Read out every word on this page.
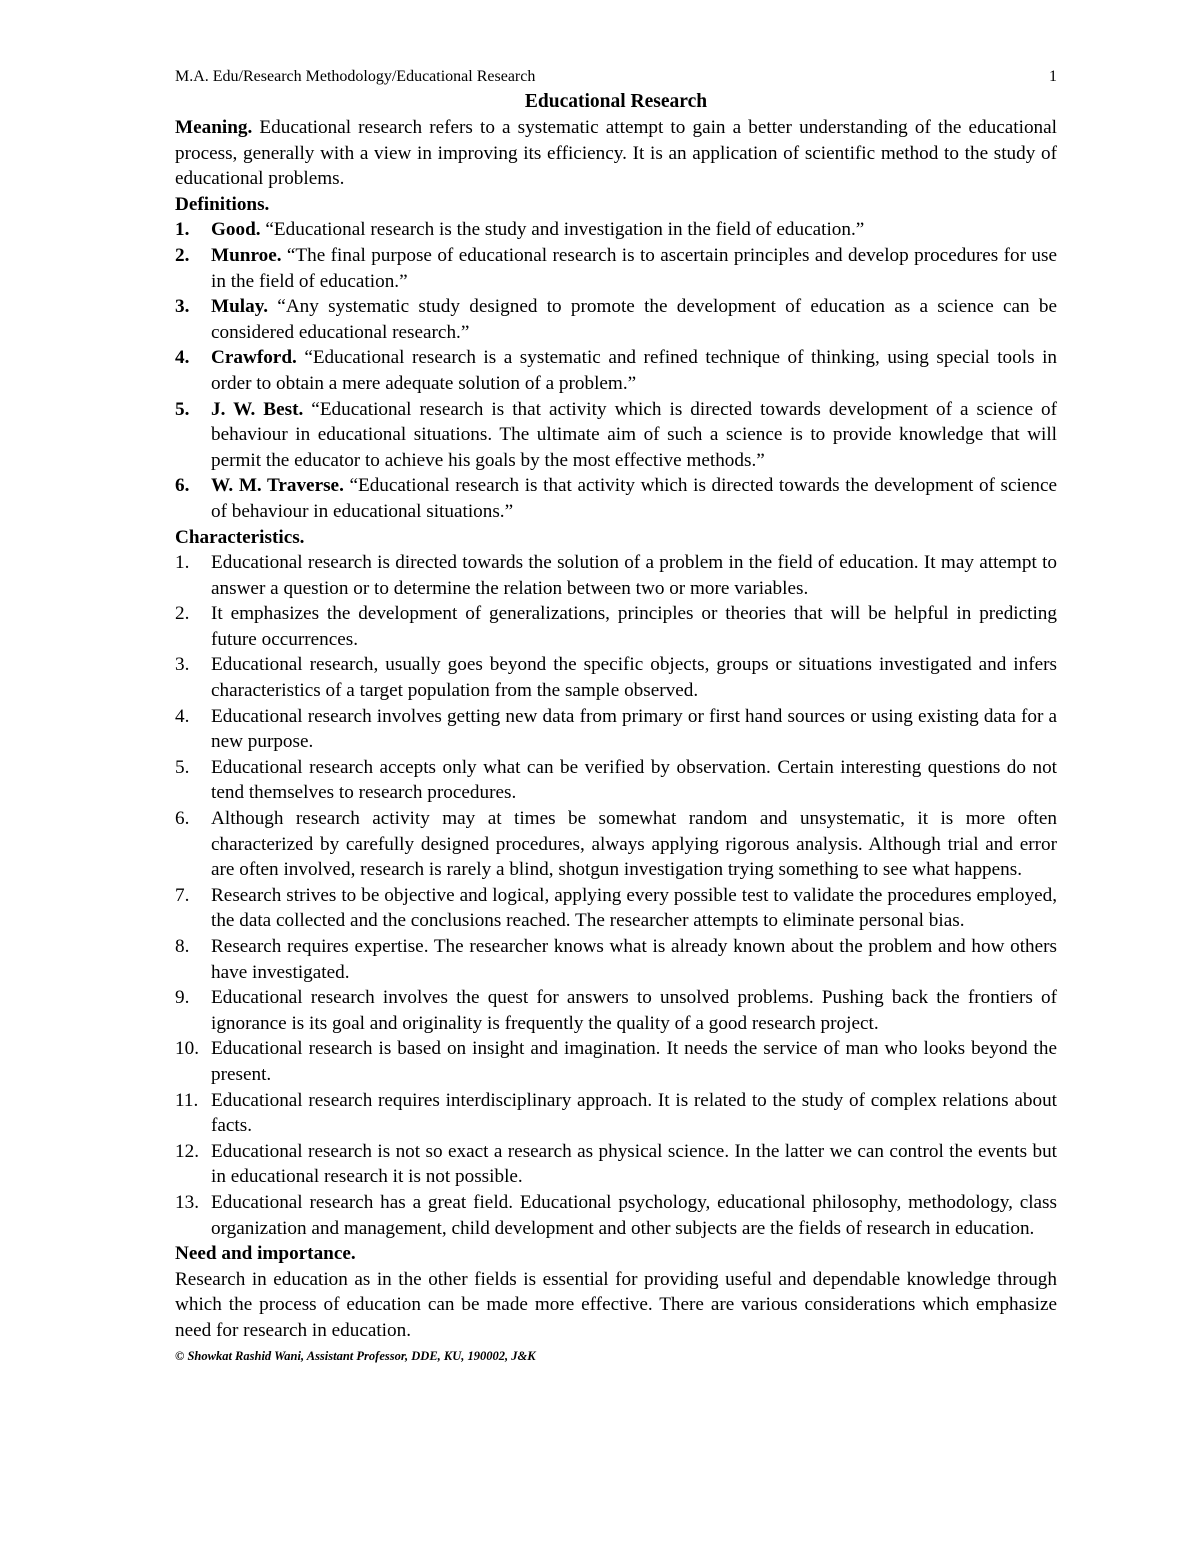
M.A. Edu/Research Methodology/Educational Research	1
Educational Research

Meaning. Educational research refers to a systematic attempt to gain a better understanding of the educational process, generally with a view in improving its efficiency. It is an application of scientific method to the study of educational problems.

Definitions.

1.	Good. “Educational research is the study and investigation in the field of education.”
2.	Munroe. “The final purpose of educational research is to ascertain principles and develop procedures for use in the field of education.”
3.	Mulay. “Any systematic study designed to promote the development of education as a science can be considered educational research.”
4.	Crawford. “Educational research is a systematic and refined technique of thinking, using special tools in order to obtain a mere adequate solution of a problem.”
5.	J. W. Best. “Educational research is that activity which is directed towards development of a science of behaviour in educational situations. The ultimate aim of such a science is to provide knowledge that will permit the educator to achieve his goals by the most effective methods.”
6.	W. M. Traverse. “Educational research is that activity which is directed towards the development of science of behaviour in educational situations.”

Characteristics.

1.	Educational research is directed towards the solution of a problem in the field of education. It may attempt to answer a question or to determine the relation between two or more variables.
2.	It emphasizes the development of generalizations, principles or theories that will be helpful in predicting future occurrences.
3.	Educational research, usually goes beyond the specific objects, groups or situations investigated and infers characteristics of a target population from the sample observed.
4.	Educational research involves getting new data from primary or first hand sources or using existing data for a new purpose.
5.	Educational research accepts only what can be verified by observation. Certain interesting questions do not tend themselves to research procedures.
6.	Although research activity may at times be somewhat random and unsystematic, it is more often characterized by carefully designed procedures, always applying rigorous analysis. Although trial and error are often involved, research is rarely a blind, shotgun investigation trying something to see what happens.
7.	Research strives to be objective and logical, applying every possible test to validate the procedures employed, the data collected and the conclusions reached. The researcher attempts to eliminate personal bias.
8.	Research requires expertise. The researcher knows what is already known about the problem and how others have investigated.
9.	Educational research involves the quest for answers to unsolved problems. Pushing back the frontiers of ignorance is its goal and originality is frequently the quality of a good research project.
10. Educational research is based on insight and imagination. It needs the service of man who looks beyond the present.
11. Educational research requires interdisciplinary approach. It is related to the study of complex relations about facts.
12. Educational research is not so exact a research as physical science. In the latter we can control the events but in educational research it is not possible.
13. Educational research has a great field. Educational psychology, educational philosophy, methodology, class organization and management, child development and other subjects are the fields of research in education.

Need and importance.

Research in education as in the other fields is essential for providing useful and dependable knowledge through which the process of education can be made more effective. There are various considerations which emphasize need for research in education.

© Showkat Rashid Wani, Assistant Professor, DDE, KU, 190002, J&K
